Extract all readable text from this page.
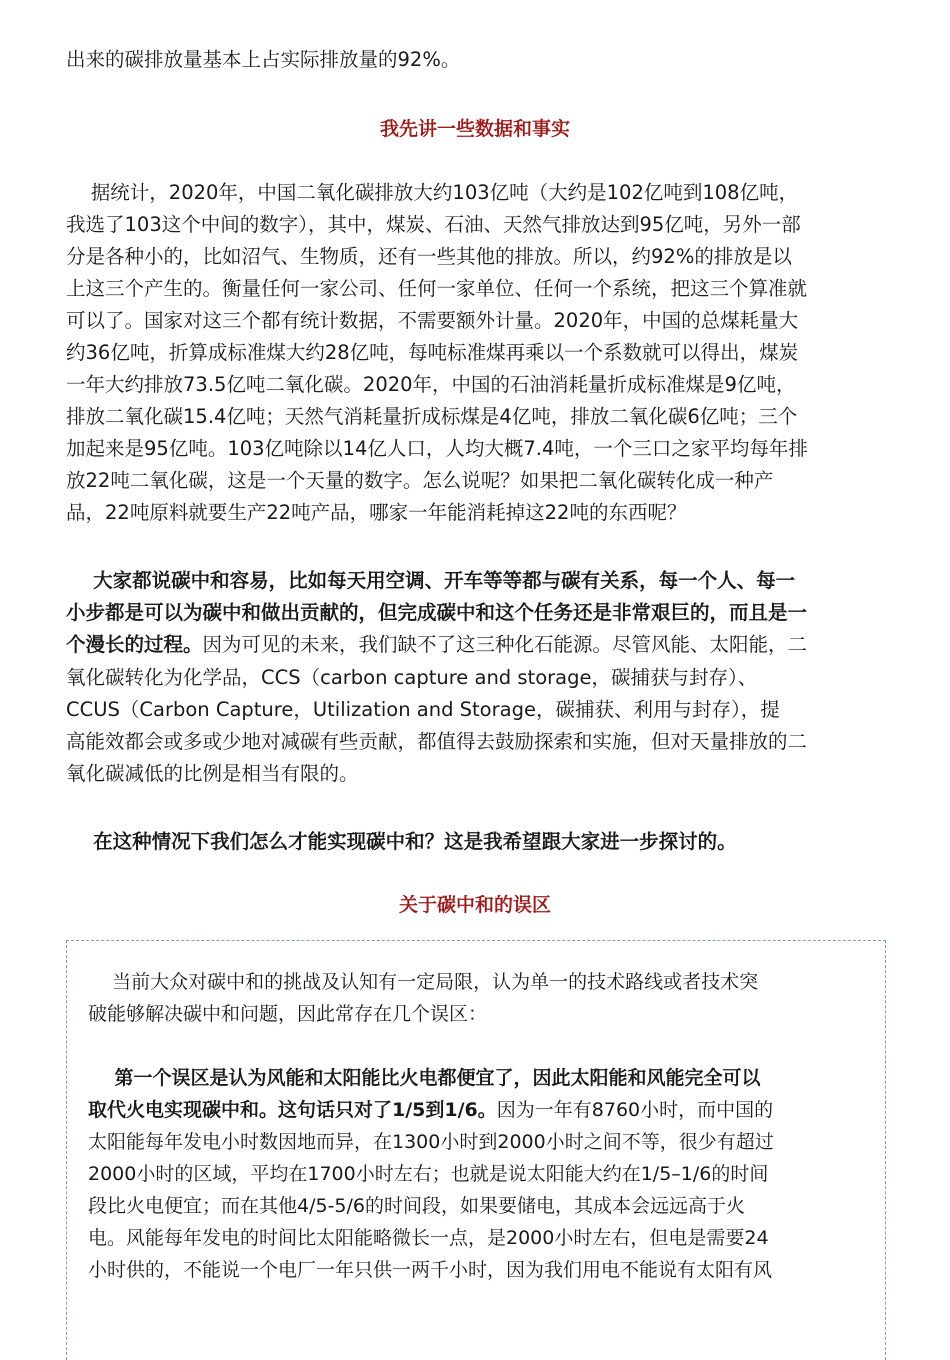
出来的碳排放量基本上占实际排放量的92%。
我先讲一些数据和事实
据统计，2020年，中国二氧化碳排放大约103亿吨（大约是102亿吨到108亿吨，
我选了103这个中间的数字），其中，煤炭、石油、天然气排放达到95亿吨，另外一部
分是各种小的，比如沼气、生物质，还有一些其他的排放。所以，约92%的排放是以
上这三个产生的。衡量任何一家公司、任何一家单位、任何一个系统，把这三个算准就
可以了。国家对这三个都有统计数据，不需要额外计量。2020年，中国的总煤耗量大
约36亿吨，折算成标准煤大约28亿吨，每吨标准煤再乘以一个系数就可以得出，煤炭
一年大约排放73.5亿吨二氧化碳。2020年，中国的石油消耗量折成标准煤是9亿吨，
排放二氧化碳15.4亿吨；天然气消耗量折成标煤是4亿吨，排放二氧化碳6亿吨；三个
加起来是95亿吨。103亿吨除以14亿人口，人均大概7.4吨，一个三口之家平均每年排
放22吨二氧化碳，这是一个天量的数字。怎么说呢？如果把二氧化碳转化成一种产
品，22吨原料就要生产22吨产品，哪家一年能消耗掉这22吨的东西呢？
大家都说碳中和容易，比如每天用空调、开车等等都与碳有关系，每一个人、每一
小步都是可以为碳中和做出贡献的，但完成碳中和这个任务还是非常艰巨的，而且是一
个漫长的过程。因为可见的未来，我们缺不了这三种化石能源。尽管风能、太阳能，二
氧化碳转化为化学品，CCS（carbon capture and storage，碳捕获与封存）、
CCUS（Carbon Capture，Utilization and Storage，碳捕获、利用与封存），提
高能效都会或多或少地对减碳有些贡献，都值得去鼓励探索和实施，但对天量排放的二
氧化碳减低的比例是相当有限的。
在这种情况下我们怎么才能实现碳中和？这是我希望跟大家进一步探讨的。
关于碳中和的误区
当前大众对碳中和的挑战及认知有一定局限，认为单一的技术路线或者技术突
破能够解决碳中和问题，因此常存在几个误区：
第一个误区是认为风能和太阳能比火电都便宜了，因此太阳能和风能完全可以
取代火电实现碳中和。这句话只对了1/5到1/6。因为一年有8760小时，而中国的
太阳能每年发电小时数因地而异，在1300小时到2000小时之间不等，很少有超过
2000小时的区域，平均在1700小时左右；也就是说太阳能大约在1/5–1/6的时间
段比火电便宜；而在其他4/5-5/6的时间段，如果要储电，其成本会远远高于火
电。风能每年发电的时间比太阳能略微长一点，是2000小时左右，但电是需要24
小时供的，不能说一个电厂一年只供一两千小时，因为我们用电不能说有太阳有风
